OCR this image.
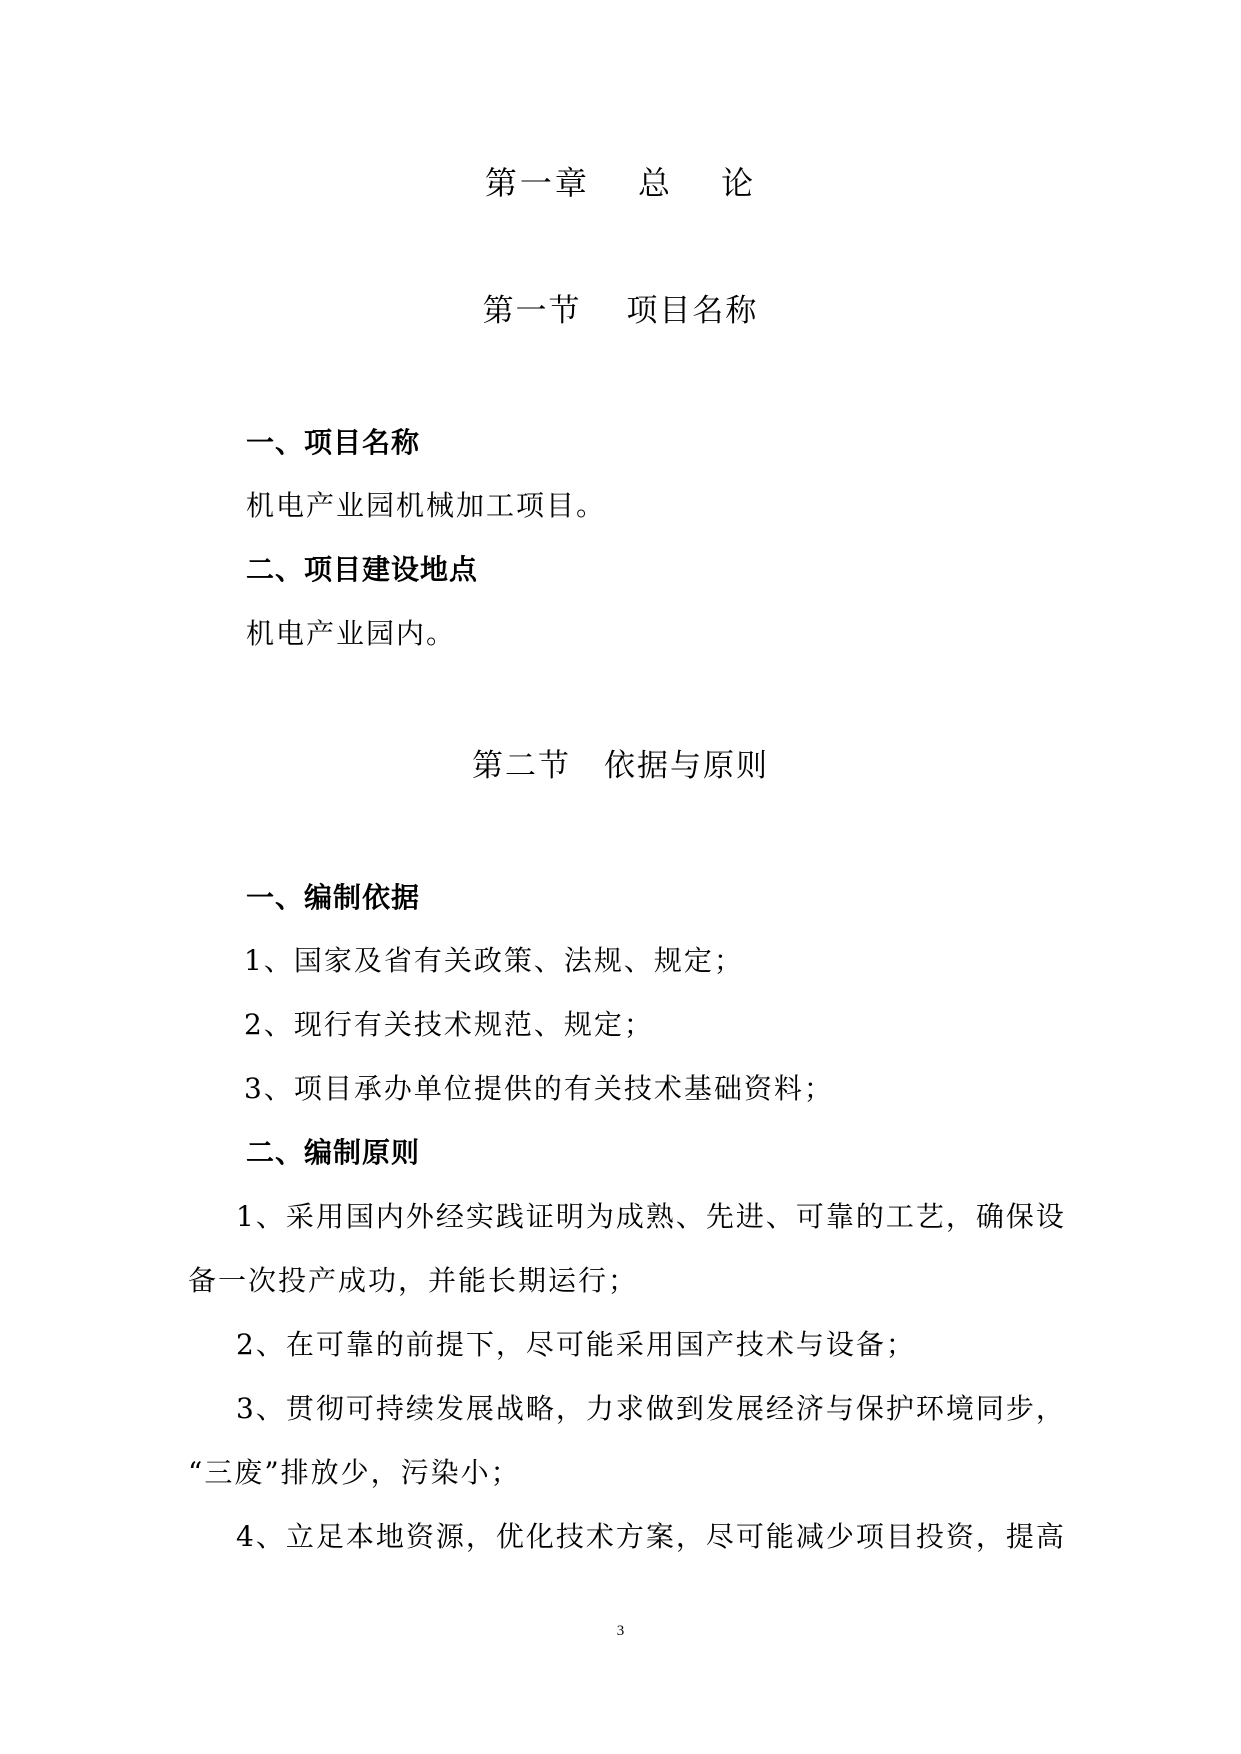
第一章　 总　 论
第一节　 项目名称
一、项目名称
机电产业园机械加工项目。
二、项目建设地点
机电产业园内。
第二节　依据与原则
一、编制依据
1、国家及省有关政策、法规、规定；
2、现行有关技术规范、规定；
3、项目承办单位提供的有关技术基础资料；
二、编制原则
1、采用国内外经实践证明为成熟、先进、可靠的工艺，确保设
备一次投产成功，并能长期运行；
2、在可靠的前提下，尽可能采用国产技术与设备；
3、贯彻可持续发展战略，力求做到发展经济与保护环境同步，
“三废”排放少，污染小；
4、立足本地资源，优化技术方案，尽可能减少项目投资，提高
3
